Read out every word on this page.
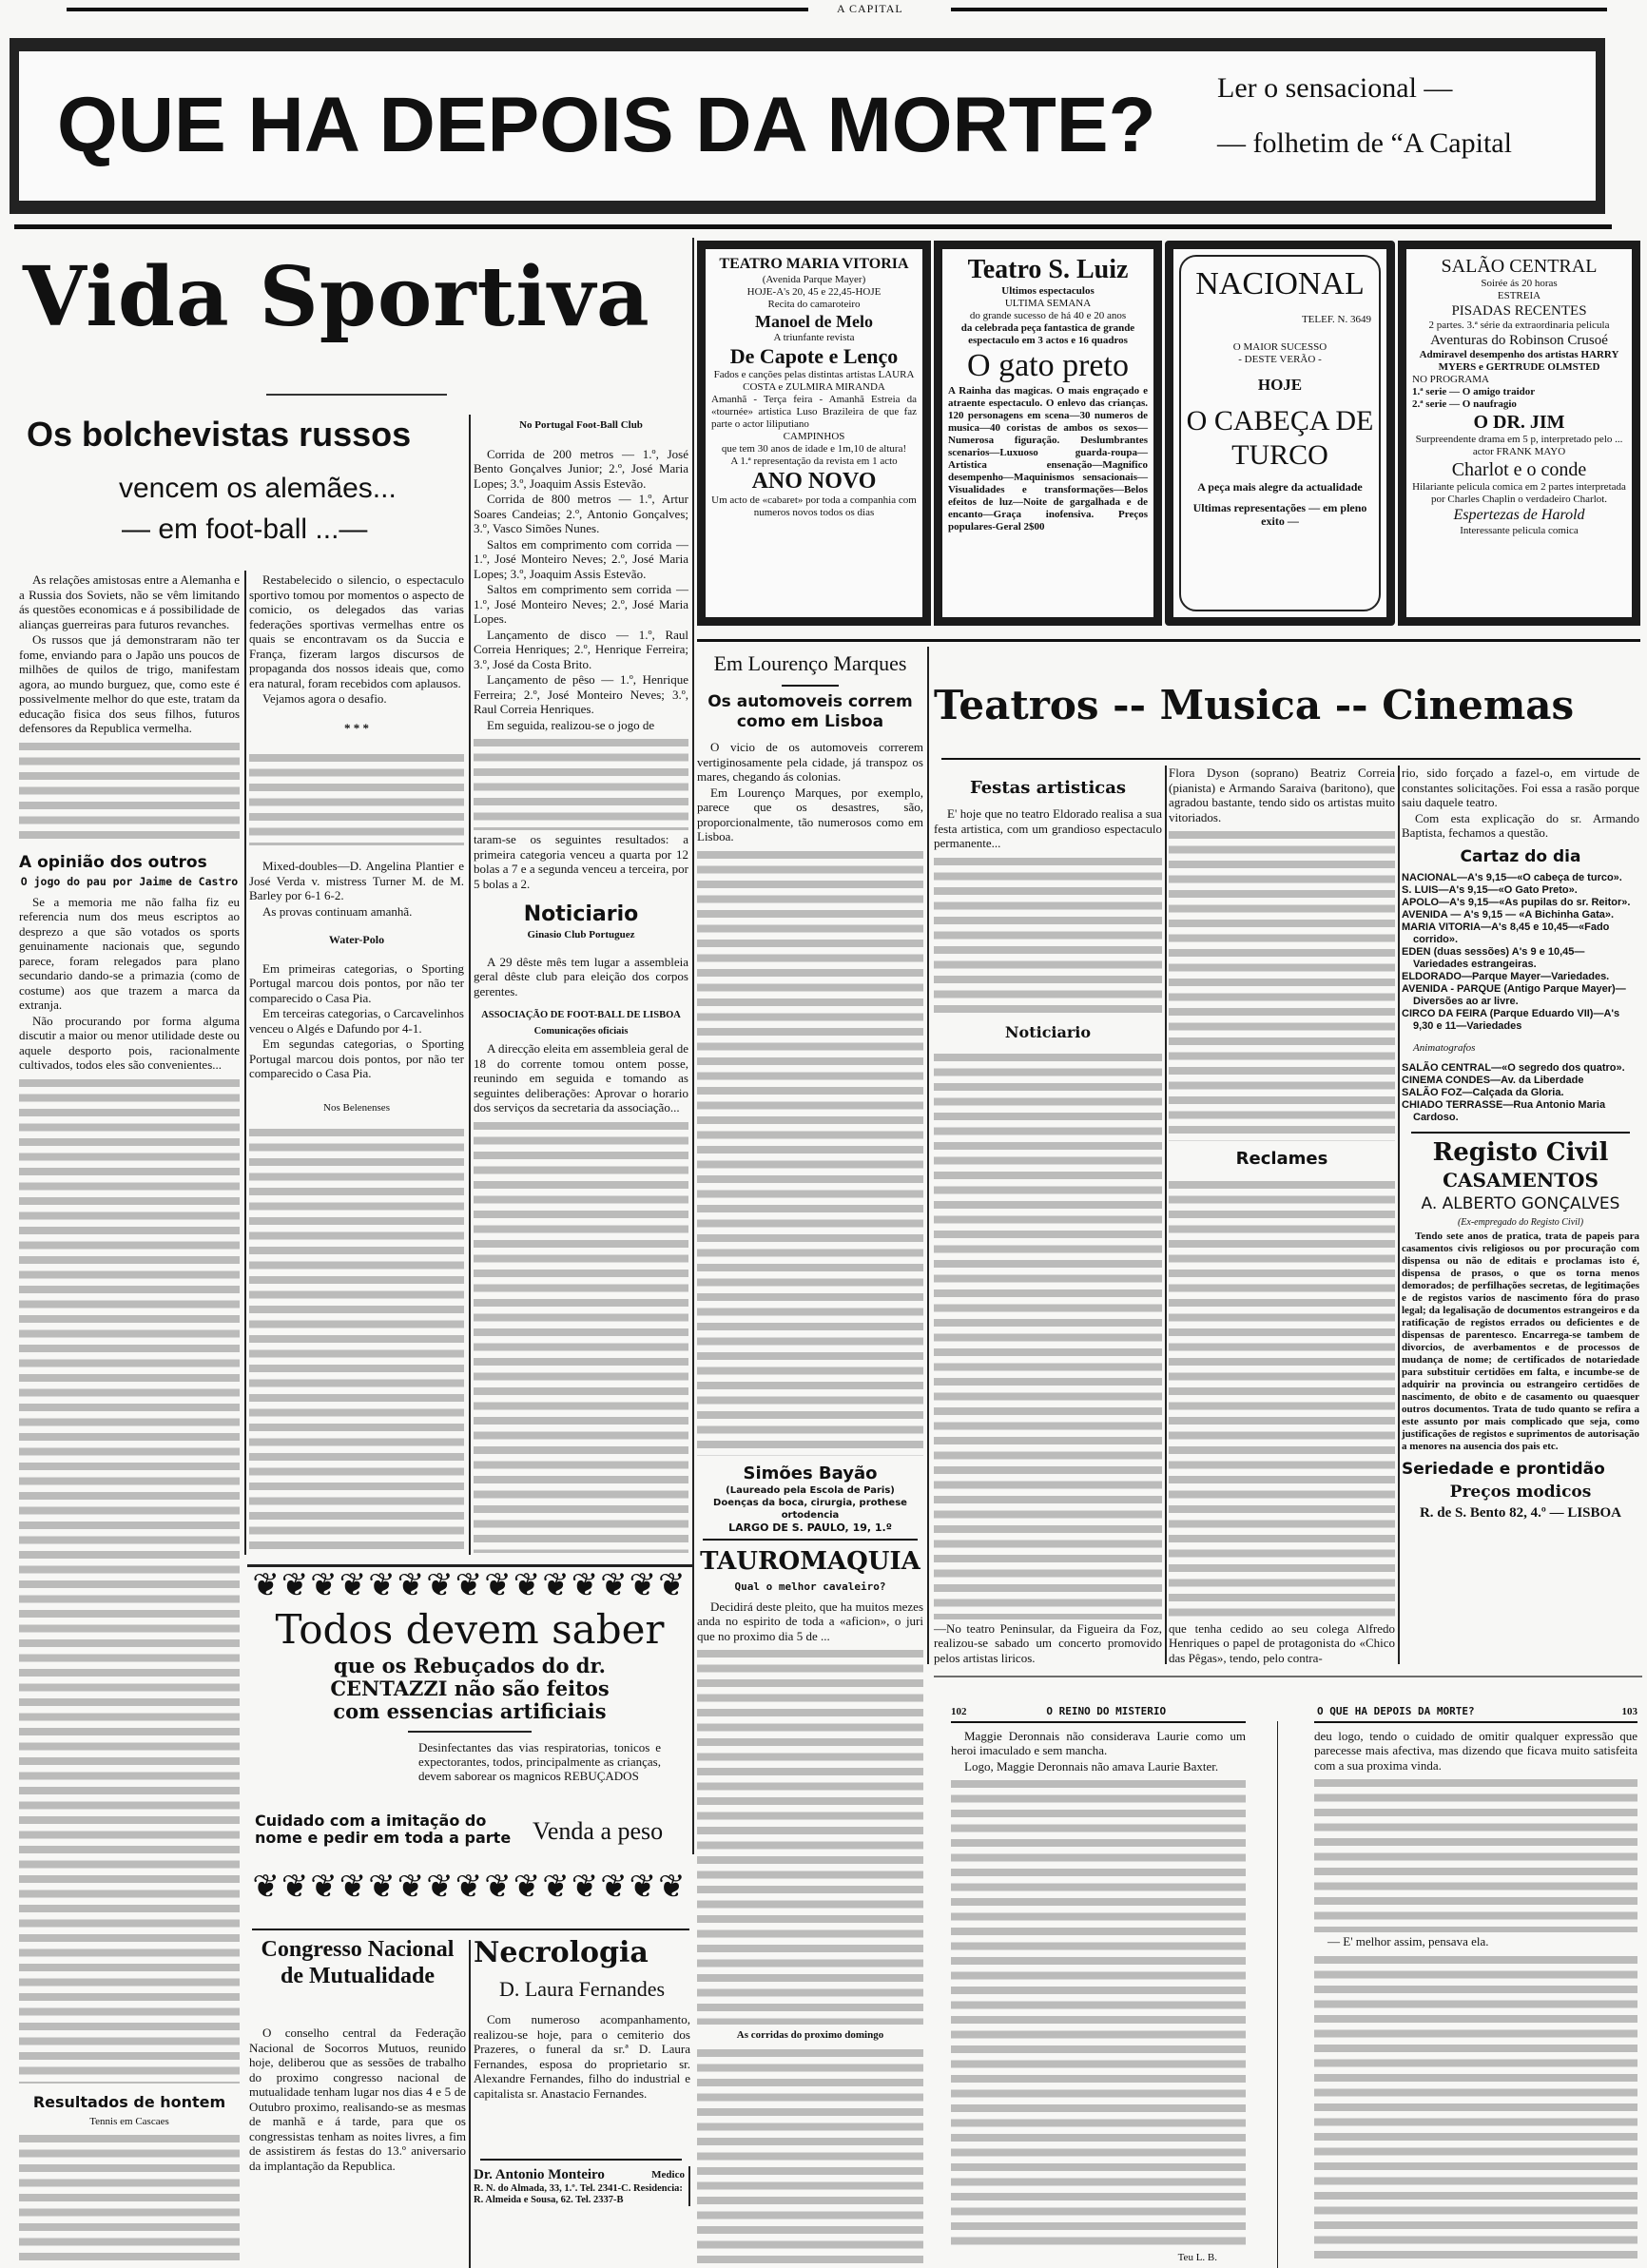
A CAPITAL
QUE HA DEPOIS DA MORTE? Ler o sensacional —
— folhetim de “A Capital
Vida Sportiva
Os bolchevistas russos
vencem os alemães...
— em foot-ball ...—

As relações amistosas entre a Alemanha e a Russia dos Soviets, não se vêm limitando ás questões economicas e á possibilidade de alianças guerreiras para futuros revanches.

Os russos que já demonstraram não ter fome, enviando para o Japão uns poucos de milhões de quilos de trigo, manifestam agora, ao mundo burguez, que, como este é possivelmente melhor do que este, tratam da educação fisica dos seus filhos, futuros defensores da Republica vermelha.

A opinião dos outros
O jogo do pau por Jaime de Castro

Se a memoria me não falha fiz eu referencia num dos meus escriptos ao desprezo a que são votados os sports genuinamente nacionais que, segundo parece, foram relegados para plano secundario dando-se a primazia (como de costume) aos que trazem a marca da extranja.

Não procurando por forma alguma discutir a maior ou menor utilidade deste ou aquele desporto pois, racionalmente cultivados, todos eles são convenientes...

Resultados de hontem
Tennis em Cascaes

Restabelecido o silencio, o espectaculo sportivo tomou por momentos o aspecto de comicio, os delegados das varias federações sportivas vermelhas entre os quais se encontravam os da Succia e França, fizeram largos discursos de propaganda dos nossos ideais que, como era natural, foram recebidos com aplausos.

Vejamos agora o desafio.

* * *

Mixed-doubles—D. Angelina Plantier e José Verda v. mistress Turner M. de M. Barley por 6-1 6-2.

As provas continuam amanhã.

Water-Polo

Em primeiras categorias, o Sporting Portugal marcou dois pontos, por não ter comparecido o Casa Pia.

Em terceiras categorias, o Carcavelinhos venceu o Algés e Dafundo por 4-1.

Em segundas categorias, o Sporting Portugal marcou dois pontos, por não ter comparecido o Casa Pia.

Nos Belenenses
No Portugal Foot-Ball Club

Corrida de 200 metros — 1.º, José Bento Gonçalves Junior; 2.º, José Maria Lopes; 3.º, Joaquim Assis Estevão.

Corrida de 800 metros — 1.º, Artur Soares Candeias; 2.º, Antonio Gonçalves; 3.º, Vasco Simões Nunes.

Saltos em comprimento com corrida — 1.º, José Monteiro Neves; 2.º, José Maria Lopes; 3.º, Joaquim Assis Estevão.

Saltos em comprimento sem corrida — 1.º, José Monteiro Neves; 2.º, José Maria Lopes.

Lançamento de disco — 1.º, Raul Correia Henriques; 2.º, Henrique Ferreira; 3.º, José da Costa Brito.

Lançamento de pêso — 1.º, Henrique Ferreira; 2.º, José Monteiro Neves; 3.º, Raul Correia Henriques.

Em seguida, realizou-se o jogo de

taram-se os seguintes resultados: a primeira categoria venceu a quarta por 12 bolas a 7 e a segunda venceu a terceira, por 5 bolas a 2.

Noticiario
Ginasio Club Portuguez

A 29 dêste mês tem lugar a assembleia geral dêste club para eleição dos corpos gerentes.

ASSOCIAÇÃO DE FOOT-BALL DE LISBOA
Comunicações oficiais

A direcção eleita em assembleia geral de 18 do corrente tomou ontem posse, reunindo em seguida e tomando as seguintes deliberações: Aprovar o horario dos serviços da secretaria da associação...

❦❦❦❦❦❦❦❦❦❦❦❦❦❦❦
Todos devem saber
que os Rebuçados do dr.
CENTAZZI não são feitos
com essencias artificiais
Desinfectantes das vias respiratorias, tonicos e expectorantes, todos, principalmente as crianças, devem saborear os magnicos REBUÇADOS
Cuidado com a imitação do nome e pedir em toda a parte Venda a peso
❦❦❦❦❦❦❦❦❦❦❦❦❦❦❦
Congresso Nacional de Mutualidade
O conselho central da Federação Nacional de Socorros Mutuos, reunido hoje, deliberou que as sessões de trabalho do proximo congresso nacional de mutualidade tenham lugar nos dias 4 e 5 de Outubro proximo, realisando-se as mesmas de manhã e á tarde, para que os congressistas tenham as noites livres, a fim de assistirem ás festas do 13.º aniversario da implantação da Republica.
Necrologia
D. Laura Fernandes
Com numeroso acompanhamento, realizou-se hoje, para o cemiterio dos Prazeres, o funeral da sr.ª D. Laura Fernandes, esposa do proprietario sr. Alexandre Fernandes, filho do industrial e capitalista sr. Anastacio Fernandes.
Dr. Antonio Monteiro	Medico
R. N. do Almada, 33, 1.º. Tel. 2341-C. Residencia: R. Almeida e Sousa, 62. Tel. 2337-B
TEATRO MARIA VITORIA
(Avenida Parque Mayer)
HOJE-A's 20, 45 e 22,45-HOJE
Recita do camaroteiro
Manoel de Melo
A triunfante revista
De Capote e Lenço
Fados e canções pelas distintas artistas LAURA COSTA e ZULMIRA MIRANDA
Amanhã - Terça feira - Amanhã Estreia da «tournée» artistica Luso Brazileira de que faz parte o actor liliputiano
CAMPINHOS
que tem 30 anos de idade e 1m,10 de altura!
A 1.ª representação da revista em 1 acto
ANO NOVO
Um acto de «cabaret» por toda a companhia com numeros novos todos os dias
Teatro S. Luiz
Ultimos espectaculos
ULTIMA SEMANA
do grande sucesso de há 40 e 20 anos
da celebrada peça fantastica de grande espectaculo em 3 actos e 16 quadros
O gato preto
A Rainha das magicas. O mais engraçado e atraente espectaculo. O enlevo das crianças. 120 personagens em scena—30 numeros de musica—40 coristas de ambos os sexos—Numerosa figuração. Deslumbrantes scenarios—Luxuoso guarda-roupa—Artistica ensenação—Magnifico desempenho—Maquinismos sensacionais—Visualidades e transformações—Belos efeitos de luz—Noite de gargalhada e de encanto—Graça inofensiva. Preços populares-Geral 2$00
NACIONAL
TELEF. N. 3649
O MAIOR SUCESSO
- DESTE VERÃO -
HOJE
O CABEÇA DE TURCO
A peça mais alegre da actualidade
Ultimas representações — em pleno exito —
SALÃO CENTRAL
Soirée ás 20 horas
ESTREIA
PISADAS RECENTES
2 partes. 3.ª série da extraordinaria pelicula
Aventuras do Robinson Crusoé
Admiravel desempenho dos artistas HARRY MYERS e GERTRUDE OLMSTED
NO PROGRAMA
1.ª serie — O amigo traidor
2.ª serie — O naufragio
O DR. JIM
Surpreendente drama em 5 p, interpretado pelo ... actor FRANK MAYO
Charlot e o conde
Hilariante pelicula comica em 2 partes interpretada por Charles Chaplin o verdadeiro Charlot.
Espertezas de Harold
Interessante pelicula comica
Em Lourenço Marques
Os automoveis correm como em Lisboa

O vicio de os automoveis correrem vertiginosamente pela cidade, já transpoz os mares, chegando ás colonias.

Em Lourenço Marques, por exemplo, parece que os desastres, são, proporcionalmente, tão numerosos como em Lisboa.

Simões Bayão
(Laureado pela Escola de Paris)
Doenças da boca, cirurgia, prothese ortodencia
LARGO DE S. PAULO, 19, 1.º
TAUROMAQUIA
Qual o melhor cavaleiro?

Decidirá deste pleito, que ha muitos mezes anda no espirito de toda a «aficion», o juri que no proximo dia 5 de ...

As corridas do proximo domingo
Teatros -- Musica -- Cinemas
Festas artisticas

E' hoje que no teatro Eldorado realisa a sua festa artistica, com um grandioso espectaculo permanente...

Noticiario

—No teatro Peninsular, da Figueira da Foz, realizou-se sabado um concerto promovido pelos artistas liricos.

Flora Dyson (soprano) Beatriz Correia (pianista) e Armando Saraiva (baritono), que agradou bastante, tendo sido os artistas muito vitoriados.

Reclames

que tenha cedido ao seu colega Alfredo Henriques o papel de protagonista do «Chico das Pêgas», tendo, pelo contra-

rio, sido forçado a fazel-o, em virtude de constantes solicitações. Foi essa a rasão porque saiu daquele teatro.

Com esta explicação do sr. Armando Baptista, fechamos a questão.

Cartaz do dia
NACIONAL—A's 9,15—«O cabeça de turco».
S. LUIS—A's 9,15—«O Gato Preto».
APOLO—A's 9,15—«As pupilas do sr. Reitor».
AVENIDA — A's 9,15 — «A Bichinha Gata».
MARIA VITORIA—A's 8,45 e 10,45—«Fado corrido».
EDEN (duas sessões) A's 9 e 10,45—Variedades estrangeiras.
ELDORADO—Parque Mayer—Variedades.
AVENIDA - PARQUE (Antigo Parque Mayer)—Diversões ao ar livre.
CIRCO DA FEIRA (Parque Eduardo VII)—A's 9,30 e 11—Variedades
Animatografos
SALÃO CENTRAL—«O segredo dos quatro».
CINEMA CONDES—Av. da Liberdade
SALÃO FOZ—Calçada da Gloria.
CHIADO TERRASSE—Rua Antonio Maria Cardoso.
Registo Civil
CASAMENTOS
A. ALBERTO GONÇALVES
(Ex-empregado do Registo Civil)

Tendo sete anos de pratica, trata de papeis para casamentos civis religiosos ou por procuração com dispensa ou não de editais e proclamas isto é, dispensa de prasos, o que os torna menos demorados; de perfilhações secretas, de legitimações e de registos varios de nascimento fóra do praso legal; da legalisação de documentos estrangeiros e da ratificação de registos errados ou deficientes e de dispensas de parentesco. Encarrega-se tambem de divorcios, de averbamentos e de processos de mudança de nome; de certificados de notariedade para substituir certidões em falta, e incumbe-se de adquirir na provincia ou estrangeiro certidões de nascimento, de obito e de casamento ou quaesquer outros documentos. Trata de tudo quanto se refira a este assunto por mais complicado que seja, como justificações de registos e suprimentos de autorisação a menores na ausencia dos pais etc.

Seriedade e prontidão
Preços modicos
R. de S. Bento 82, 4.º — LISBOA
102	O REINO DO MISTERIO

Maggie Deronnais não considerava Laurie como um heroi imaculado e sem mancha.

Logo, Maggie Deronnais não amava Laurie Baxter.

Teu L. B.
O QUE HA DEPOIS DA MORTE?	103

deu logo, tendo o cuidado de omitir qualquer expressão que parecesse mais afectiva, mas dizendo que ficava muito satisfeita com a sua proxima vinda.

— E' melhor assim, pensava ela.
